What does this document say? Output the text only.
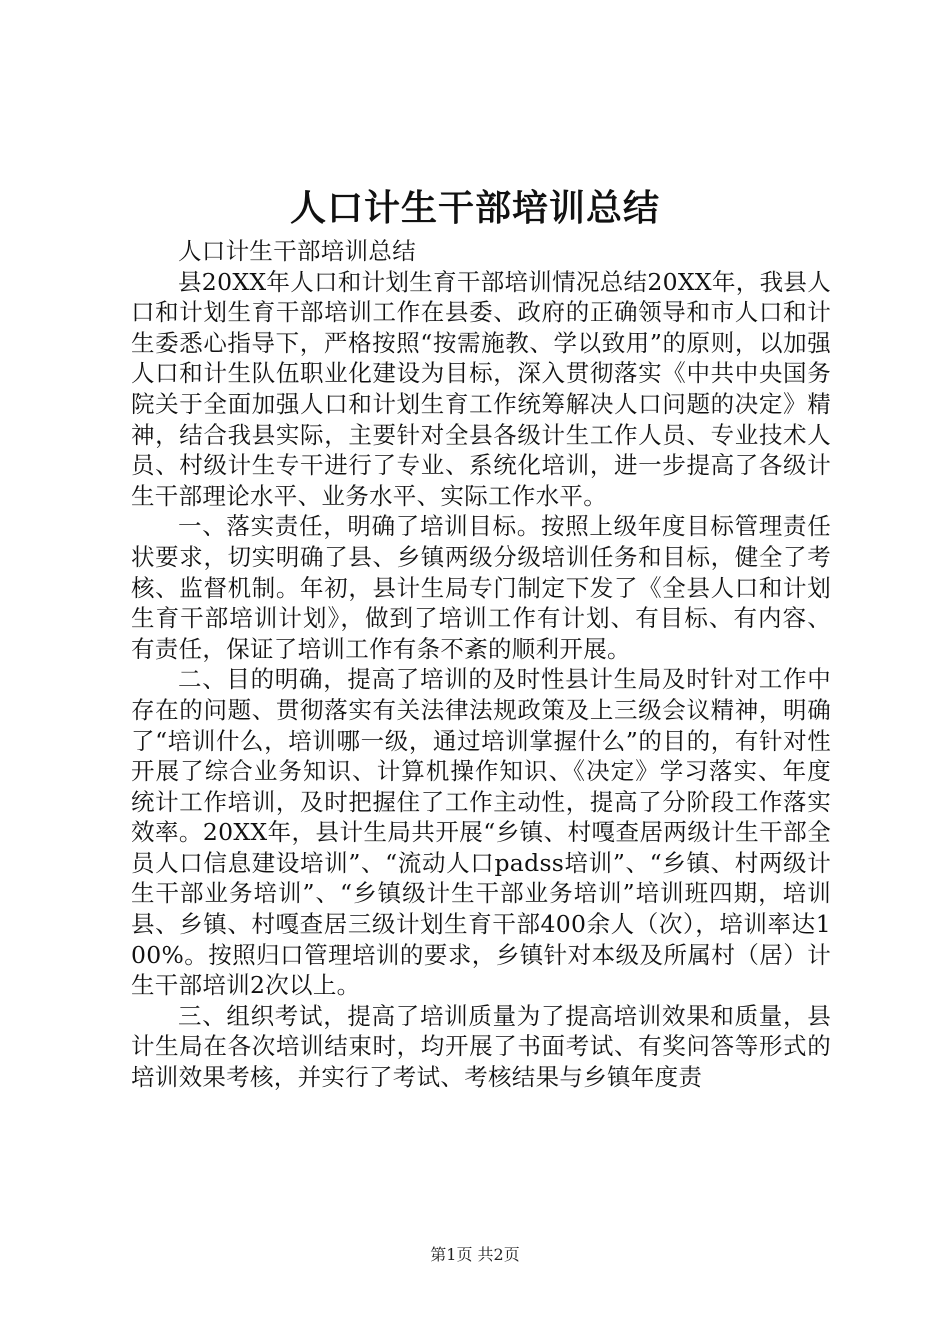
人口计生干部培训总结

人口计生干部培训总结

县20XX年人口和计划生育干部培训情况总结20XX年，我县人口和计划生育干部培训工作在县委、政府的正确领导和市人口和计生委悉心指导下，严格按照“按需施教、学以致用”的原则，以加强人口和计生队伍职业化建设为目标，深入贯彻落实《中共中央国务院关于全面加强人口和计划生育工作统筹解决人口问题的决定》精神，结合我县实际，主要针对全县各级计生工作人员、专业技术人员、村级计生专干进行了专业、系统化培训，进一步提高了各级计生干部理论水平、业务水平、实际工作水平。

一、落实责任，明确了培训目标。按照上级年度目标管理责任状要求，切实明确了县、乡镇两级分级培训任务和目标，健全了考核、监督机制。年初，县计生局专门制定下发了《全县人口和计划生育干部培训计划》，做到了培训工作有计划、有目标、有内容、有责任，保证了培训工作有条不紊的顺利开展。

二、目的明确，提高了培训的及时性县计生局及时针对工作中存在的问题、贯彻落实有关法律法规政策及上三级会议精神，明确了“培训什么，培训哪一级，通过培训掌握什么”的目的，有针对性开展了综合业务知识、计算机操作知识、《决定》学习落实、年度统计工作培训，及时把握住了工作主动性，提高了分阶段工作落实效率。20XX年，县计生局共开展“乡镇、村嘎查居两级计生干部全员人口信息建设培训”、“流动人口padss培训”、“乡镇、村两级计生干部业务培训”、“乡镇级计生干部业务培训”培训班四期，培训县、乡镇、村嘎查居三级计划生育干部400余人（次），培训率达100%。按照归口管理培训的要求，乡镇针对本级及所属村（居）计生干部培训2次以上。

三、组织考试，提高了培训质量为了提高培训效果和质量，县计生局在各次培训结束时，均开展了书面考试、有奖问答等形式的培训效果考核，并实行了考试、考核结果与乡镇年度责

第1页 共2页
